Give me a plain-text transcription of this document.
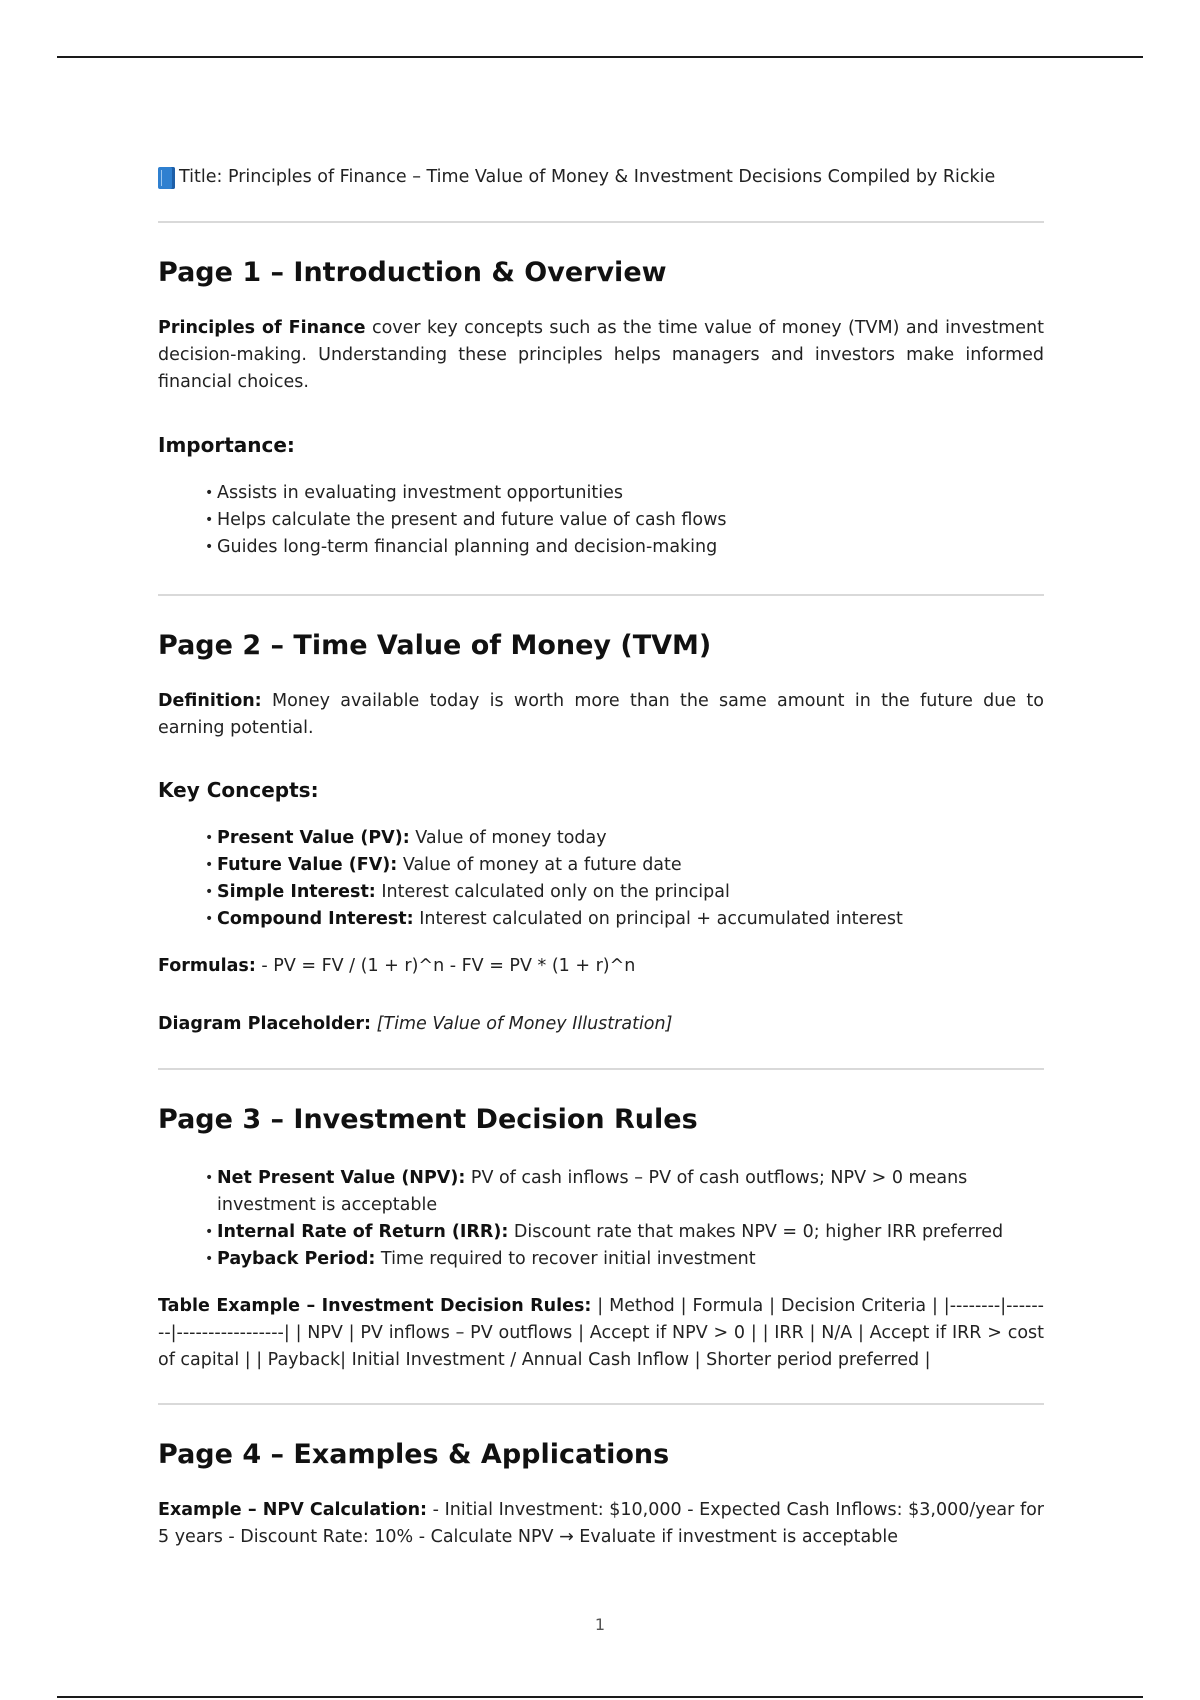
Title: Principles of Finance – Time Value of Money & Investment Decisions Compiled by Rickie
Page 1 – Introduction & Overview

Principles of Finance cover key concepts such as the time value of money (TVM) and investment decision-making. Understanding these principles helps managers and investors make informed financial choices.

Importance:
• Assists in evaluating investment opportunities
• Helps calculate the present and future value of cash flows
• Guides long-term financial planning and decision-making
Page 2 – Time Value of Money (TVM)

Definition: Money available today is worth more than the same amount in the future due to earning potential.

Key Concepts:
• Present Value (PV): Value of money today
• Future Value (FV): Value of money at a future date
• Simple Interest: Interest calculated only on the principal
• Compound Interest: Interest calculated on principal + accumulated interest

Formulas: - PV = FV / (1 + r)^n - FV = PV * (1 + r)^n

Diagram Placeholder: [Time Value of Money Illustration]

Page 3 – Investment Decision Rules
• Net Present Value (NPV): PV of cash inflows – PV of cash outflows; NPV > 0 means investment is acceptable
• Internal Rate of Return (IRR): Discount rate that makes NPV = 0; higher IRR preferred
• Payback Period: Time required to recover initial investment

Table Example – Investment Decision Rules: | Method | Formula | Decision Criteria | |--------|--------|-----------------| | NPV | PV inflows – PV outflows | Accept if NPV > 0 | | IRR | N/A | Accept if IRR > cost of capital | | Payback| Initial Investment / Annual Cash Inflow | Shorter period preferred |

Page 4 – Examples & Applications

Example – NPV Calculation: - Initial Investment: $10,000 - Expected Cash Inflows: $3,000/year for 5 years - Discount Rate: 10% - Calculate NPV → Evaluate if investment is acceptable

1
